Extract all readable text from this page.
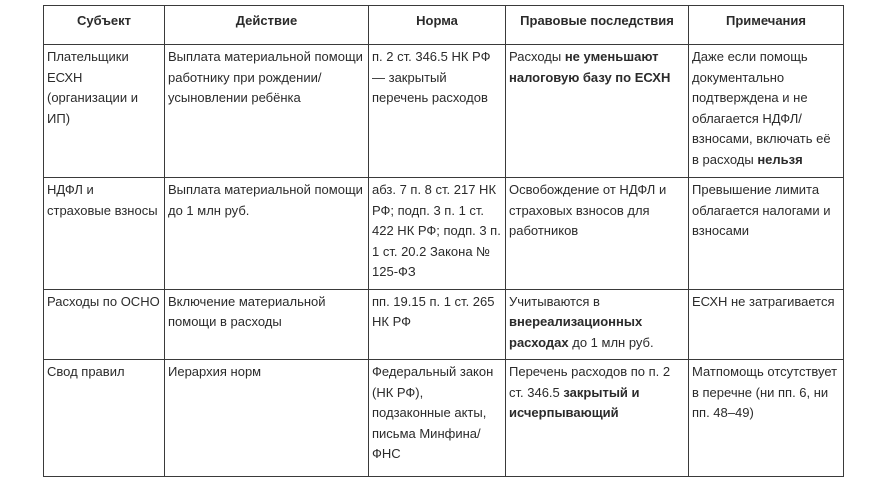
Субъект	Действие	Норма	Правовые последствия	Примечания
Плательщики ЕСХН (организации и ИП)	Выплата материальной помощи работнику при рождении/ усыновлении ребёнка	п. 2 ст. 346.5 НК РФ — закрытый перечень расходов	Расходы не уменьшают налоговую базу по ЕСХН	Даже если помощь документально подтверждена и не облагается НДФЛ/ взносами, включать её в расходы нельзя
НДФЛ и страховые взносы	Выплата материальной помощи до 1 млн руб.	абз. 7 п. 8 ст. 217 НК РФ; подп. 3 п. 1 ст. 422 НК РФ; подп. 3 п. 1 ст. 20.2 Закона № 125-ФЗ	Освобождение от НДФЛ и страховых взносов для работников	Превышение лимита облагается налогами и взносами
Расходы по ОСНО	Включение материальной помощи в расходы	пп. 19.15 п. 1 ст. 265 НК РФ	Учитываются в внереализационных расходах до 1 млн руб.	ЕСХН не затрагивается
Свод правил	Иерархия норм	Федеральный закон (НК РФ), подзаконные акты, письма Минфина/ ФНС	Перечень расходов по п. 2 ст. 346.5 закрытый и исчерпывающий	Матпомощь отсутствует в перечне (ни пп. 6, ни пп. 48–49)
